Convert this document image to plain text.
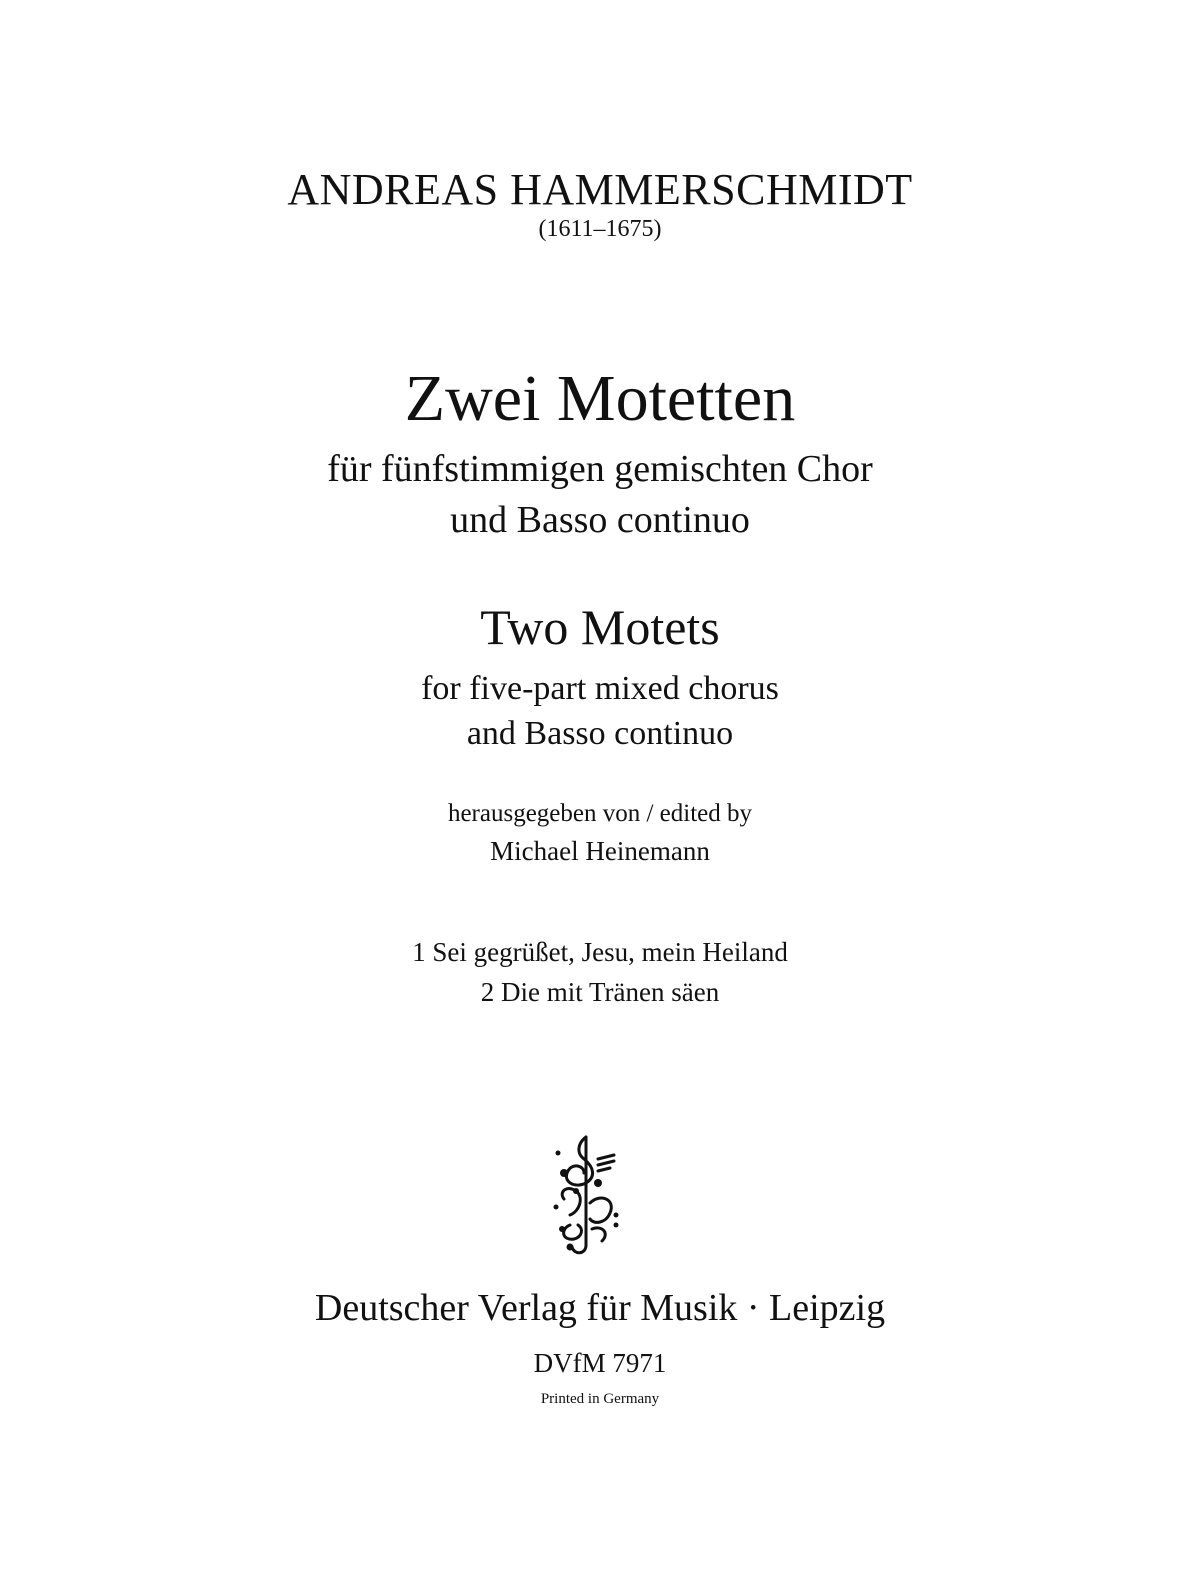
ANDREAS HAMMERSCHMIDT
(1611–1675)
Zwei Motetten
für fünfstimmigen gemischten Chor
und Basso continuo
Two Motets
for five-part mixed chorus
and Basso continuo
herausgegeben von / edited by
Michael Heinemann
1 Sei gegrüßet, Jesu, mein Heiland
2 Die mit Tränen säen
Deutscher Verlag für Musik · Leipzig
DVfM 7971
Printed in Germany
